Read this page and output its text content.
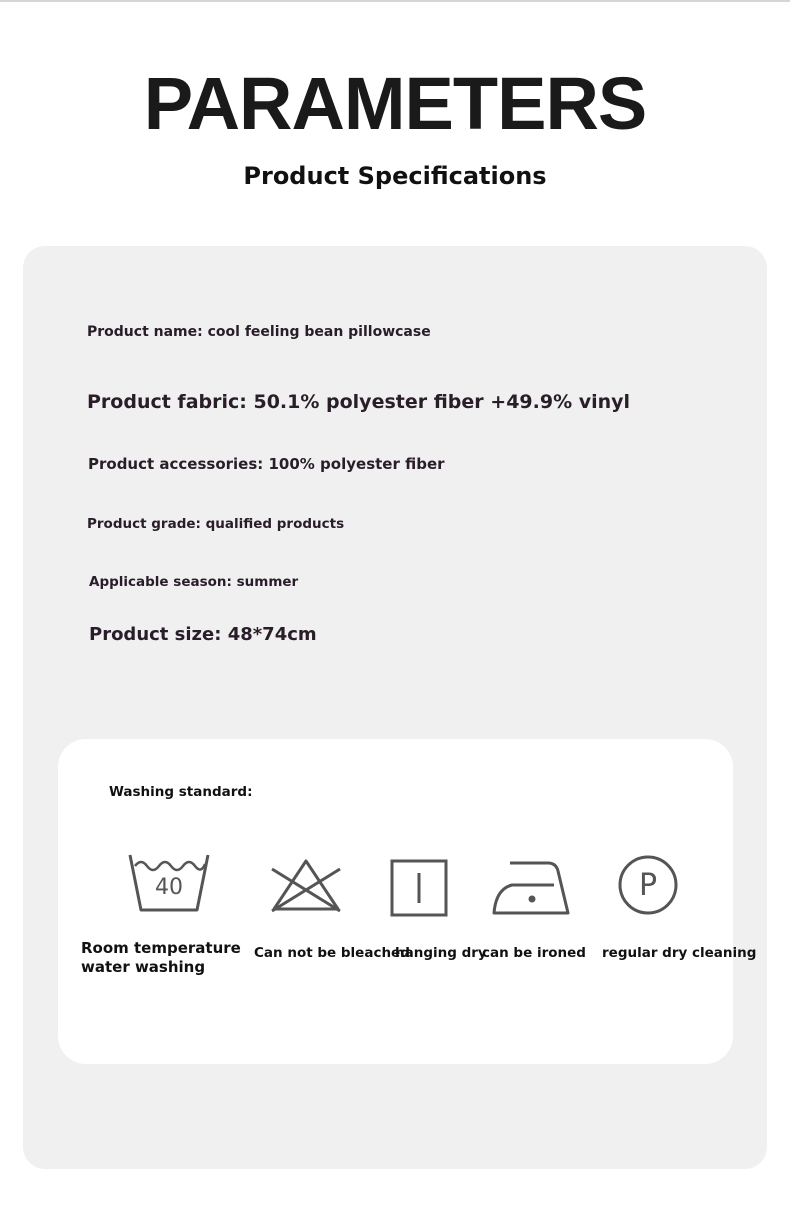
PARAMETERS
Product Specifications
Product name: cool feeling bean pillowcase
Product fabric: 50.1% polyester fiber +49.9% vinyl
Product accessories: 100% polyester fiber
Product grade: qualified products
Applicable season: summer
Product size: 48*74cm
Washing standard:
40	P
Room temperature water washing
Can not be bleached
hanging dry
can be ironed regular dry cleaning
